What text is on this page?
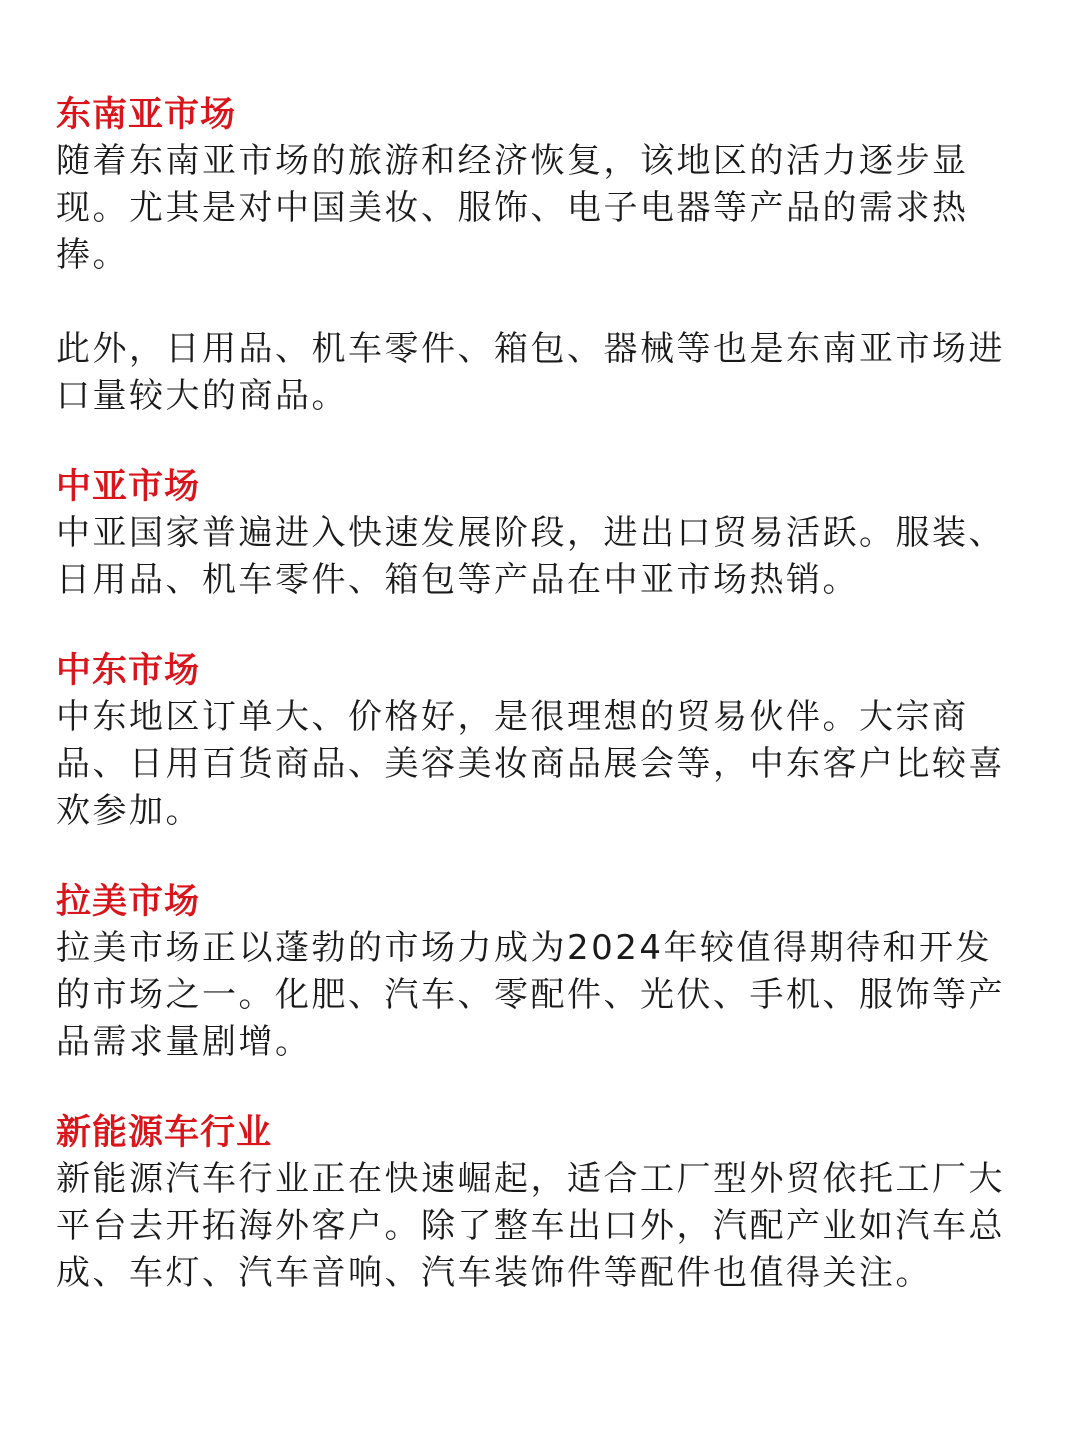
东南亚市场

随着东南亚市场的旅游和经济恢复，该地区的活力逐步显现。尤其是对中国美妆、服饰、电子电器等产品的需求热捧。

此外，日用品、机车零件、箱包、器械等也是东南亚市场进口量较大的商品。

中亚市场

中亚国家普遍进入快速发展阶段，进出口贸易活跃。服装、日用品、机车零件、箱包等产品在中亚市场热销。

中东市场

中东地区订单大、价格好，是很理想的贸易伙伴。大宗商品、日用百货商品、美容美妆商品展会等，中东客户比较喜欢参加。

拉美市场

拉美市场正以蓬勃的市场力成为2024年较值得期待和开发的市场之一。化肥、汽车、零配件、光伏、手机、服饰等产品需求量剧增。

新能源车行业

新能源汽车行业正在快速崛起，适合工厂型外贸依托工厂大平台去开拓海外客户。除了整车出口外，汽配产业如汽车总成、车灯、汽车音响、汽车装饰件等配件也值得关注。
